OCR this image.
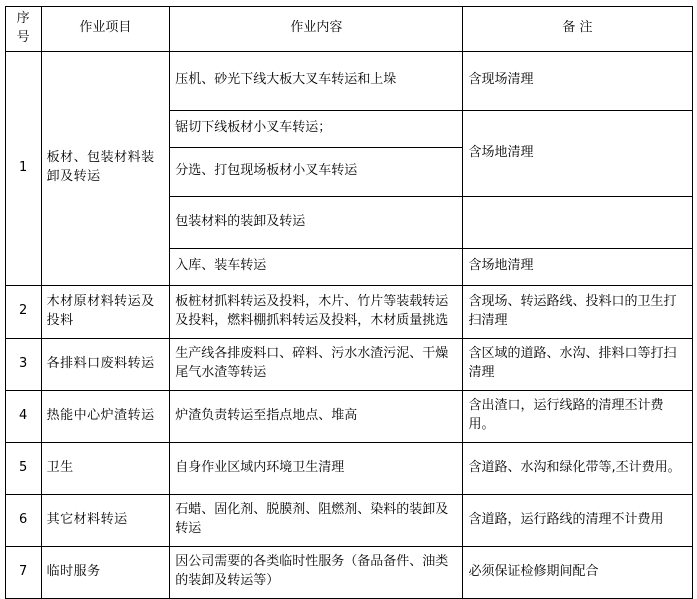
序号	作业项目	作业内容	备 注
1	板材、包装材料装卸及转运	压机、砂光下线大板大叉车转运和上垛	含现场清理
		锯切下线板材小叉车转运；	含场地清理
		分选、打包现场板材小叉车转运	
		包装材料的装卸及转运	
		入库、装车转运	含场地清理
2	木材原材料转运及投料	板桩材抓料转运及投料，木片、竹片等装载转运及投料，燃料棚抓料转运及投料，木材质量挑选	含现场、转运路线、投料口的卫生打扫清理
3	各排料口废料转运	生产线各排废料口、碎料、污水水渣污泥、干燥尾气水渣等转运	含区域的道路、水沟、排料口等打扫清理
4	热能中心炉渣转运	炉渣负责转运至指点地点、堆高	含出渣口，运行线路的清理丕计费用。
5	卫生	自身作业区域内环境卫生清理	含道路、水沟和绿化带等,丕计费用。
6	其它材料转运	石蜡、固化剂、脱膜剂、阻燃剂、染料的装卸及转运	含道路，运行路线的清理不计费用
7	临时服务	因公司需要的各类临时性服务（备品备件、油类的装卸及转运等）	必须保证检修期间配合
